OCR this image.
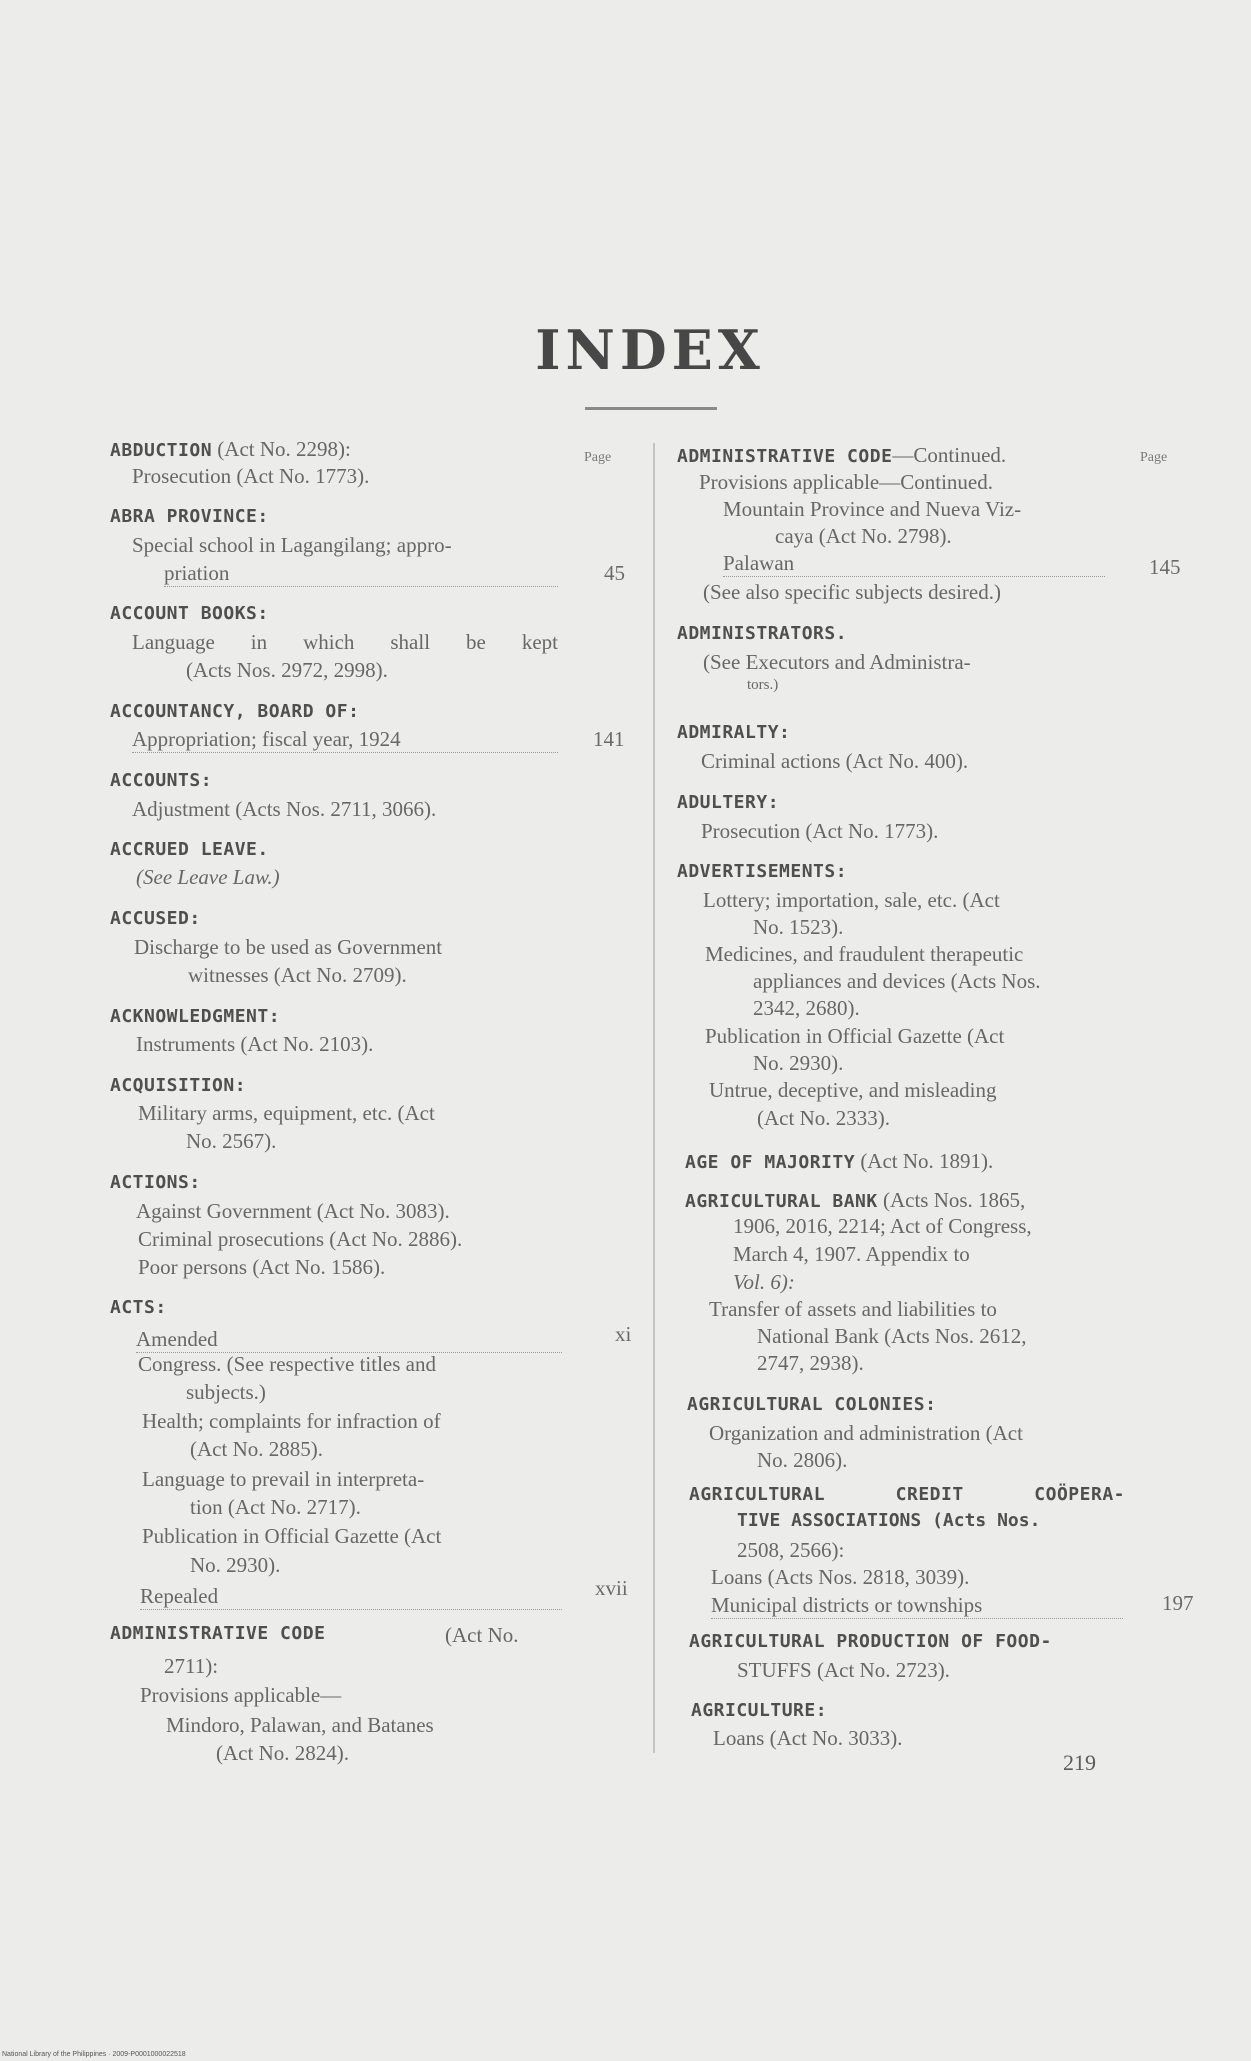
INDEX
Page	Page
ABDUCTION (Act No. 2298):
Prosecution (Act No. 1773).
ABRA PROVINCE:
Special school in Lagangilang; appro-
priation	45
ACCOUNT BOOKS:
Language in which shall be kept
(Acts Nos. 2972, 2998).
ACCOUNTANCY, BOARD OF:
Appropriation; fiscal year, 1924	141
ACCOUNTS:
Adjustment (Acts Nos. 2711, 3066).
ACCRUED LEAVE.
(See Leave Law.)
ACCUSED:
Discharge to be used as Government
witnesses (Act No. 2709).
ACKNOWLEDGMENT:
Instruments (Act No. 2103).
ACQUISITION:
Military arms, equipment, etc. (Act
No. 2567).
ACTIONS:
Against Government (Act No. 3083).
Criminal prosecutions (Act No. 2886).
Poor persons (Act No. 1586).
ACTS:
Amended	xi
Congress. (See respective titles and
subjects.)
Health; complaints for infraction of
(Act No. 2885).
Language to prevail in interpreta-
tion (Act No. 2717).
Publication in Official Gazette (Act
No. 2930).
Repealed	xvii
ADMINISTRATIVE CODE	(Act No.
2711):
Provisions applicable—
Mindoro, Palawan, and Batanes
(Act No. 2824).
ADMINISTRATIVE CODE—Continued.
Provisions applicable—Continued.
Mountain Province and Nueva Viz-
caya (Act No. 2798).
Palawan	145
(See also specific subjects desired.)
ADMINISTRATORS.
(See Executors and Administra-
tors.)
ADMIRALTY:
Criminal actions (Act No. 400).
ADULTERY:
Prosecution (Act No. 1773).
ADVERTISEMENTS:
Lottery; importation, sale, etc. (Act
No. 1523).
Medicines, and fraudulent therapeutic
appliances and devices (Acts Nos.
2342, 2680).
Publication in Official Gazette (Act
No. 2930).
Untrue, deceptive, and misleading
(Act No. 2333).
AGE OF MAJORITY (Act No. 1891).
AGRICULTURAL BANK (Acts Nos. 1865,
1906, 2016, 2214; Act of Congress,
March 4, 1907. Appendix to
Vol. 6):
Transfer of assets and liabilities to
National Bank (Acts Nos. 2612,
2747, 2938).
AGRICULTURAL COLONIES:
Organization and administration (Act
No. 2806).
AGRICULTURAL CREDIT COÖPERA-
TIVE ASSOCIATIONS (Acts Nos.
2508, 2566):
Loans (Acts Nos. 2818, 3039).
Municipal districts or townships	197
AGRICULTURAL PRODUCTION OF FOOD-
STUFFS (Act No. 2723).
AGRICULTURE:
Loans (Act No. 3033).
219
National Library of the Philippines · 2009-P0001000022518
